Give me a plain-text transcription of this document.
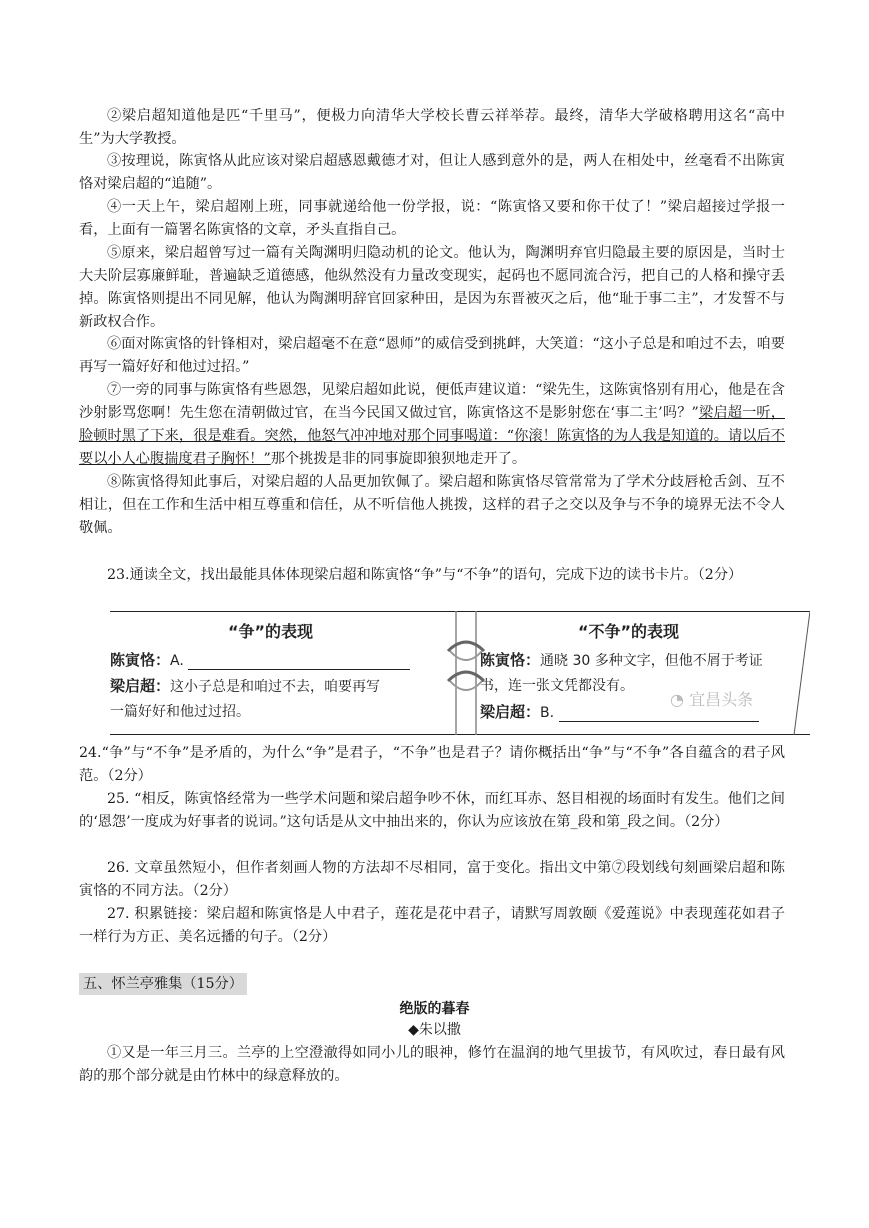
②梁启超知道他是匹“千里马”，便极力向清华大学校长曹云祥举荐。最终，清华大学破格聘用这名“高中生”为大学教授。
③按理说，陈寅恪从此应该对梁启超感恩戴德才对，但让人感到意外的是，两人在相处中，丝毫看不出陈寅恪对梁启超的“追随”。
④一天上午，梁启超刚上班，同事就递给他一份学报，说：“陈寅恪又要和你干仗了！”梁启超接过学报一看，上面有一篇署名陈寅恪的文章，矛头直指自己。
⑤原来，梁启超曾写过一篇有关陶渊明归隐动机的论文。他认为，陶渊明弃官归隐最主要的原因是，当时士大夫阶层寡廉鲜耻，普遍缺乏道德感，他纵然没有力量改变现实，起码也不愿同流合污，把自己的人格和操守丢掉。陈寅恪则提出不同见解，他认为陶渊明辞官回家种田，是因为东晋被灭之后，他“耻于事二主”，才发誓不与新政权合作。
⑥面对陈寅恪的针锋相对，梁启超毫不在意“恩师”的威信受到挑衅，大笑道：“这小子总是和咱过不去，咱要再写一篇好好和他过过招。”
⑦一旁的同事与陈寅恪有些恩怨，见梁启超如此说，便低声建议道：“梁先生，这陈寅恪别有用心，他是在含沙射影骂您啊！先生您在清朝做过官，在当今民国又做过官，陈寅恪这不是影射您在‘事二主’吗？”梁启超一听，脸顿时黑了下来，很是难看。突然，他怒气冲冲地对那个同事喝道：“你滚！陈寅恪的为人我是知道的。请以后不要以小人心腹揣度君子胸怀！”那个挑拨是非的同事旋即狼狈地走开了。
⑧陈寅恪得知此事后，对梁启超的人品更加钦佩了。梁启超和陈寅恪尽管常常为了学术分歧唇枪舌剑、互不相让，但在工作和生活中相互尊重和信任，从不听信他人挑拨，这样的君子之交以及争与不争的境界无法不令人敬佩。
23.通读全文，找出最能具体体现梁启超和陈寅恪“争”与“不争”的语句，完成下边的读书卡片。（2分）
“争”的表现	“不争”的表现
陈寅恪：A.
梁启超：这小子总是和咱过不去，咱要再写
一篇好好和他过过招。
陈寅恪：通晓 30 多种文字，但他不屑于考证
书，连一张文凭都没有。
梁启超：B.
◔ 宜昌头条
24.“争”与“不争”是矛盾的，为什么“争”是君子，“不争”也是君子？请你概括出“争”与“不争”各自蕴含的君子风范。（2分）
25. “相反，陈寅恪经常为一些学术问题和梁启超争吵不休，而红耳赤、怒目相视的场面时有发生。他们之间的‘恩怨’一度成为好事者的说词。”这句话是从文中抽出来的，你认为应该放在第_段和第_段之间。（2分）
26. 文章虽然短小，但作者刻画人物的方法却不尽相同，富于变化。指出文中第⑦段划线句刻画梁启超和陈寅恪的不同方法。（2分）
27. 积累链接：梁启超和陈寅恪是人中君子，莲花是花中君子，请默写周敦颐《爱莲说》中表现莲花如君子一样行为方正、美名远播的句子。（2分）
五、怀兰亭雅集（15分）
绝版的暮春
◆朱以撒
①又是一年三月三。兰亭的上空澄澈得如同小儿的眼神，修竹在温润的地气里拔节，有风吹过，春日最有风韵的那个部分就是由竹林中的绿意释放的。
